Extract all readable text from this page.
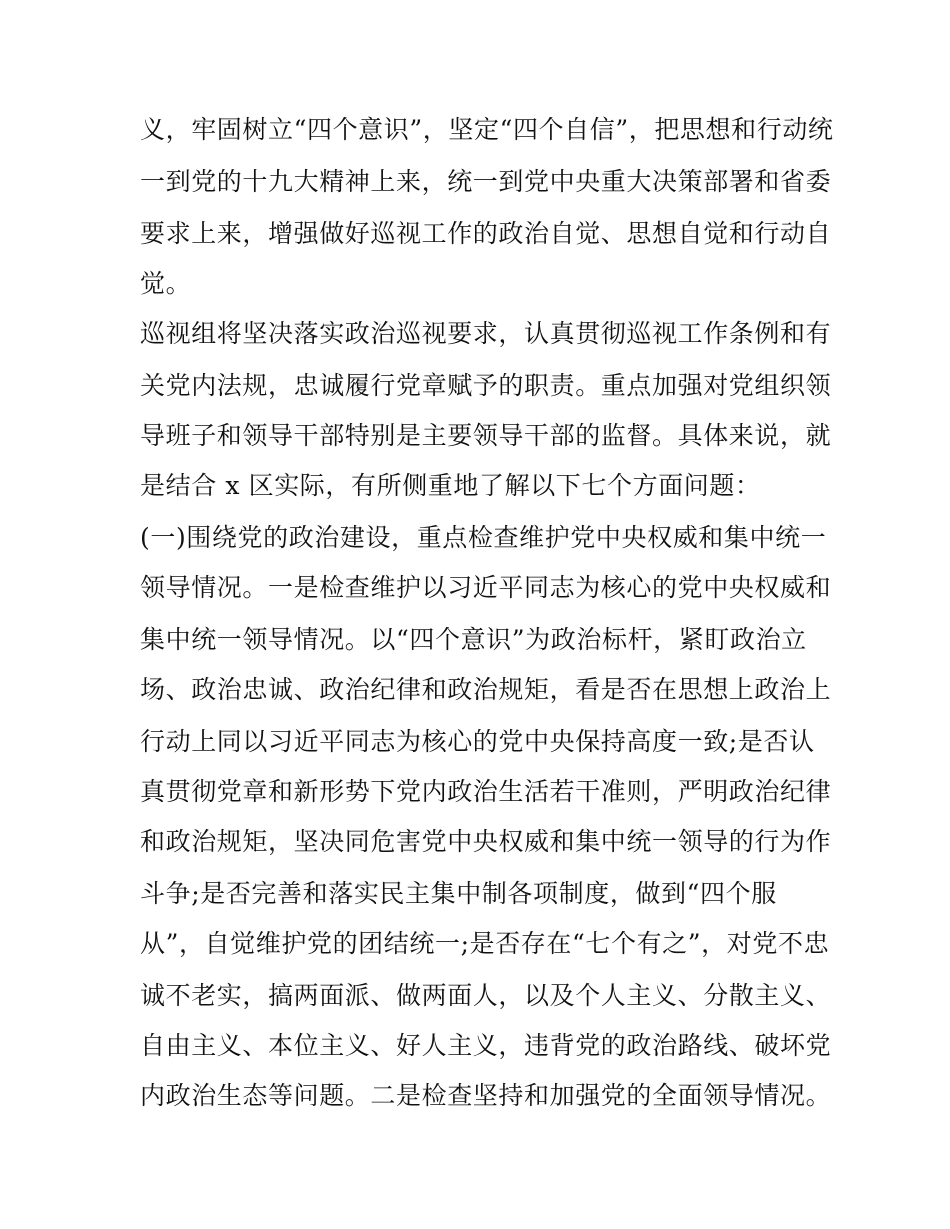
义，牢固树立“四个意识”，坚定“四个自信”，把思想和行动统
一到党的十九大精神上来，统一到党中央重大决策部署和省委
要求上来，增强做好巡视工作的政治自觉、思想自觉和行动自
觉。
巡视组将坚决落实政治巡视要求，认真贯彻巡视工作条例和有
关党内法规，忠诚履行党章赋予的职责。重点加强对党组织领
导班子和领导干部特别是主要领导干部的监督。具体来说，就
是结合 x 区实际，有所侧重地了解以下七个方面问题：
(一)围绕党的政治建设，重点检查维护党中央权威和集中统一
领导情况。一是检查维护以习近平同志为核心的党中央权威和
集中统一领导情况。以“四个意识”为政治标杆，紧盯政治立
场、政治忠诚、政治纪律和政治规矩，看是否在思想上政治上
行动上同以习近平同志为核心的党中央保持高度一致;是否认
真贯彻党章和新形势下党内政治生活若干准则，严明政治纪律
和政治规矩，坚决同危害党中央权威和集中统一领导的行为作
斗争;是否完善和落实民主集中制各项制度，做到“四个服
从”，自觉维护党的团结统一;是否存在“七个有之”，对党不忠
诚不老实，搞两面派、做两面人，以及个人主义、分散主义、
自由主义、本位主义、好人主义，违背党的政治路线、破坏党
内政治生态等问题。二是检查坚持和加强党的全面领导情况。
